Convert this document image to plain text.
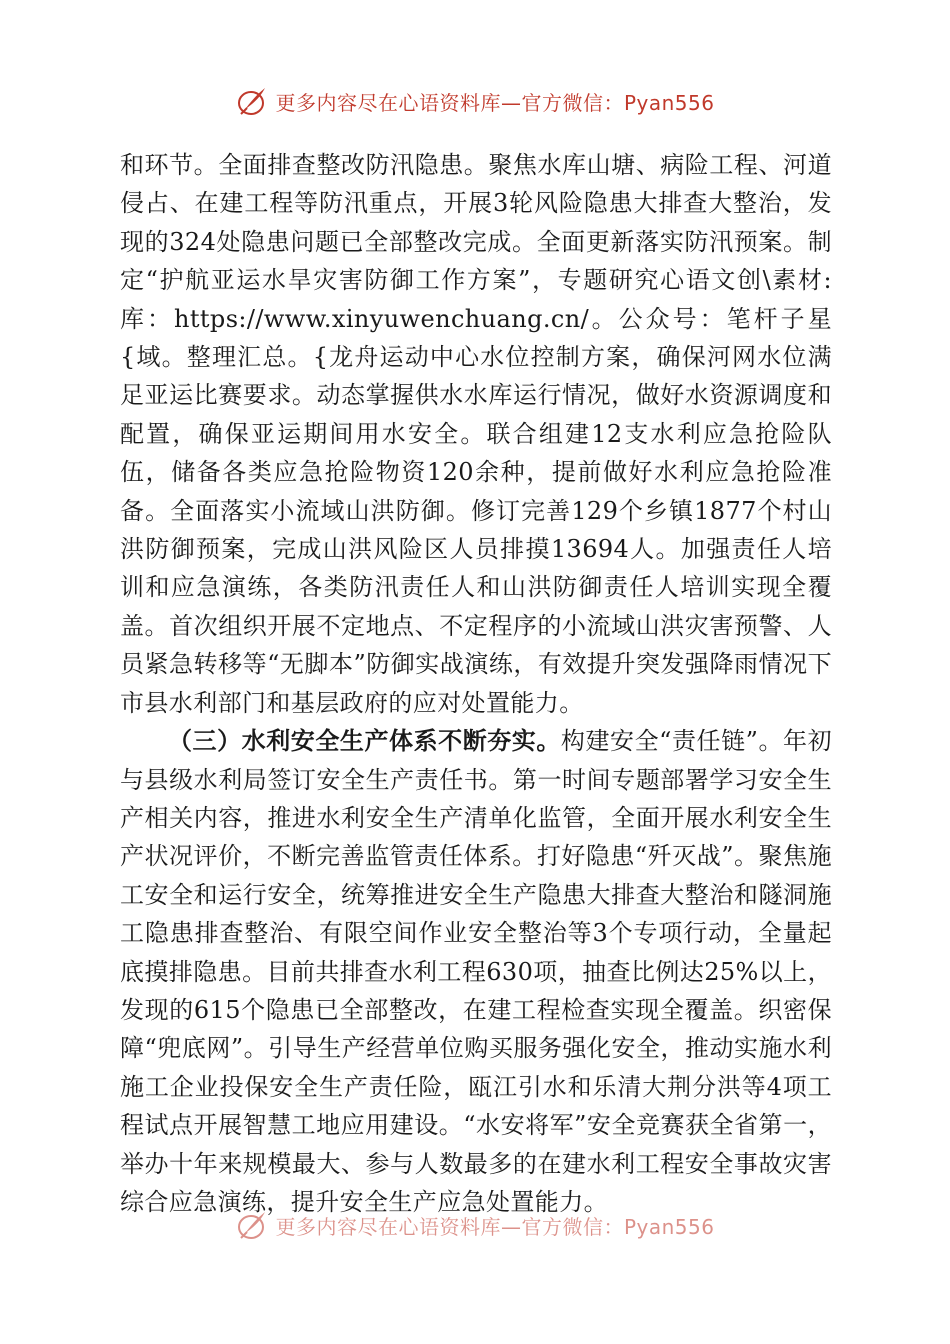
更多内容尽在心语资料库—官方微信：Pyan556

和环节。全面排查整改防汛隐患。聚焦水库山塘、病险工程、河道侵占、在建工程等防汛重点，开展3轮风险隐患大排查大整治，发现的324处隐患问题已全部整改完成。全面更新落实防汛预案。制定“护航亚运水旱灾害防御工作方案”，专题研究心语文创\素材:库：https://www.xinyuwenchuang.cn/。公众号：笔杆子星{域。整理汇总。{龙舟运动中心水位控制方案，确保河网水位满足亚运比赛要求。动态掌握供水水库运行情况，做好水资源调度和配置，确保亚运期间用水安全。联合组建12支水利应急抢险队伍，储备各类应急抢险物资120余种，提前做好水利应急抢险准备。全面落实小流域山洪防御。修订完善129个乡镇1877个村山洪防御预案，完成山洪风险区人员排摸13694人。加强责任人培训和应急演练，各类防汛责任人和山洪防御责任人培训实现全覆盖。首次组织开展不定地点、不定程序的小流域山洪灾害预警、人员紧急转移等“无脚本”防御实战演练，有效提升突发强降雨情况下市县水利部门和基层政府的应对处置能力。

（三）水利安全生产体系不断夯实。构建安全“责任链”。年初与县级水利局签订安全生产责任书。第一时间专题部署学习安全生产相关内容，推进水利安全生产清单化监管，全面开展水利安全生产状况评价，不断完善监管责任体系。打好隐患“歼灭战”。聚焦施工安全和运行安全，统筹推进安全生产隐患大排查大整治和隧洞施工隐患排查整治、有限空间作业安全整治等3个专项行动，全量起底摸排隐患。目前共排查水利工程630项，抽查比例达25%以上，发现的615个隐患已全部整改，在建工程检查实现全覆盖。织密保障“兜底网”。引导生产经营单位购买服务强化安全，推动实施水利施工企业投保安全生产责任险，瓯江引水和乐清大荆分洪等4项工程试点开展智慧工地应用建设。“水安将军”安全竞赛获全省第一，举办十年来规模最大、参与人数最多的在建水利工程安全事故灾害综合应急演练，提升安全生产应急处置能力。

更多内容尽在心语资料库—官方微信：Pyan556
